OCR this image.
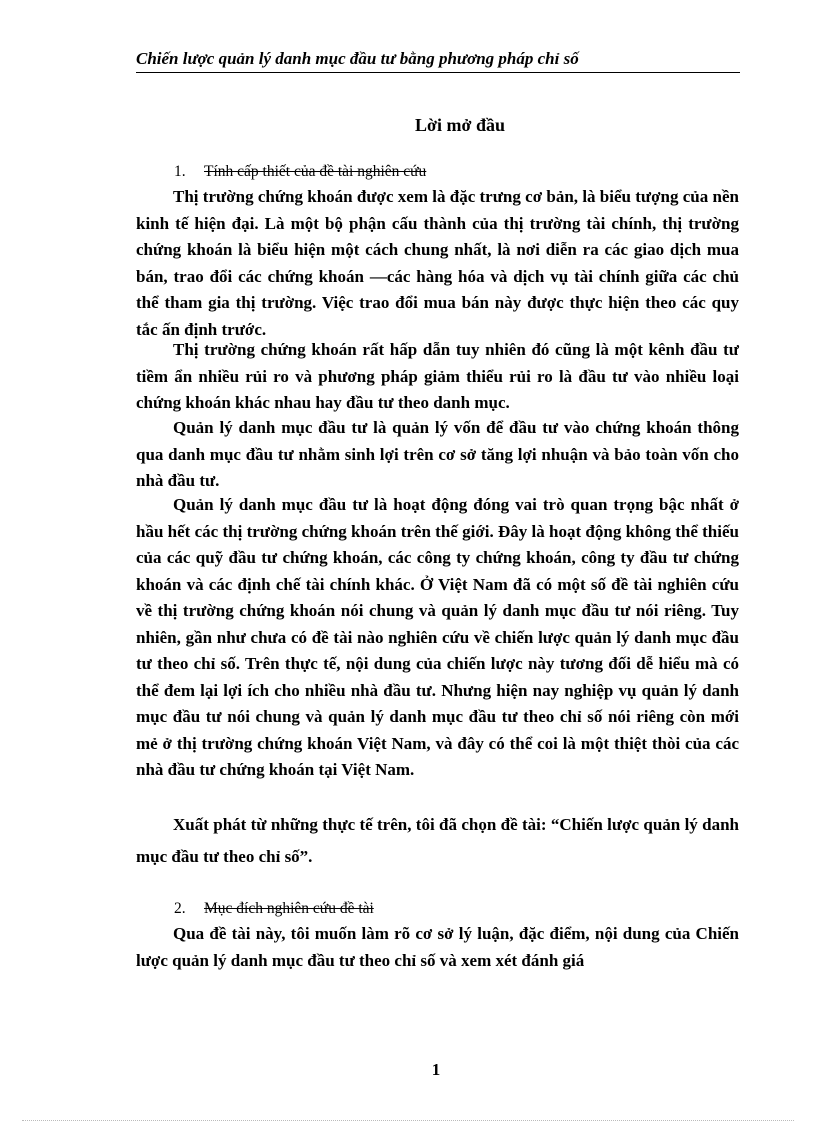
Chiến lược quản lý danh mục đầu tư bằng phương pháp chỉ số
Lời mở đầu
1. Tính cấp thiết của đề tài nghiên cứu

Thị trường chứng khoán được xem là đặc trưng cơ bản, là biểu tượng của nền kinh tế hiện đại. Là một bộ phận cấu thành của thị trường tài chính, thị trường chứng khoán là biểu hiện một cách chung nhất, là nơi diễn ra các giao dịch mua bán, trao đổi các chứng khoán —các hàng hóa và dịch vụ tài chính giữa các chủ thể tham gia thị trường. Việc trao đổi mua bán này được thực hiện theo các quy tắc ấn định trước.

Thị trường chứng khoán rất hấp dẫn tuy nhiên đó cũng là một kênh đầu tư tiềm ẩn nhiều rủi ro và phương pháp giảm thiểu rủi ro là đầu tư vào nhiều loại chứng khoán khác nhau hay đầu tư theo danh mục.

Quản lý danh mục đầu tư là quản lý vốn để đầu tư vào chứng khoán thông qua danh mục đầu tư nhằm sinh lợi trên cơ sở tăng lợi nhuận và bảo toàn vốn cho nhà đầu tư.

Quản lý danh mục đầu tư là hoạt động đóng vai trò quan trọng bậc nhất ở hầu hết các thị trường chứng khoán trên thế giới. Đây là hoạt động không thể thiếu của các quỹ đầu tư chứng khoán, các công ty chứng khoán, công ty đầu tư chứng khoán và các định chế tài chính khác. Ở Việt Nam đã có một số đề tài nghiên cứu về thị trường chứng khoán nói chung và quản lý danh mục đầu tư nói riêng. Tuy nhiên, gần như chưa có đề tài nào nghiên cứu về chiến lược quản lý danh mục đầu tư theo chỉ số. Trên thực tế, nội dung của chiến lược này tương đối dễ hiểu mà có thể đem lại lợi ích cho nhiều nhà đầu tư. Nhưng hiện nay nghiệp vụ quản lý danh mục đầu tư nói chung và quản lý danh mục đầu tư theo chỉ số nói riêng còn mới mẻ ở thị trường chứng khoán Việt Nam, và đây có thể coi là một thiệt thòi của các nhà đầu tư chứng khoán tại Việt Nam.

Xuất phát từ những thực tế trên, tôi đã chọn đề tài: “Chiến lược quản lý danh mục đầu tư theo chỉ số”.

2. Mục đích nghiên cứu đề tài

Qua đề tài này, tôi muốn làm rõ cơ sở lý luận, đặc điểm, nội dung của Chiến lược quản lý danh mục đầu tư theo chỉ số và xem xét đánh giá

1
